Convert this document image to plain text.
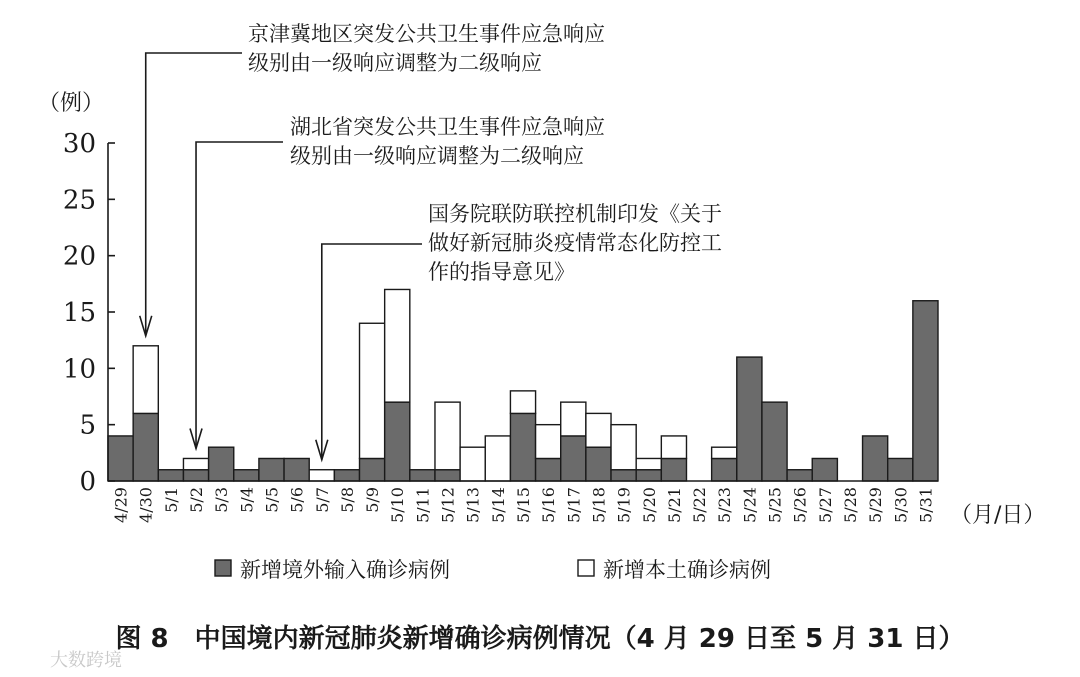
京津冀地区突发公共卫生事件应急响应
级别由一级响应调整为二级响应
湖北省突发公共卫生事件应急响应
级别由一级响应调整为二级响应
国务院联防联控机制印发《关于
做好新冠肺炎疫情常态化防控工
作的指导意见》
0
5
10
15
20
25
30
4/29 4/30 5/1 5/2 5/3 5/4 5/5 5/6 5/7 5/8 5/9 5/10 5/11 5/12 5/13 5/14 5/15 5/16 5/17 5/18 5/19 5/20 5/21 5/22 5/23 5/24 5/25 5/26 5/27 5/28 5/29 5/30 5/31
（例）
（月/日）
新增境外输入确诊病例	新增本土确诊病例
图 8　中国境内新冠肺炎新增确诊病例情况（4 月 29 日至 5 月 31 日）
大数跨境
